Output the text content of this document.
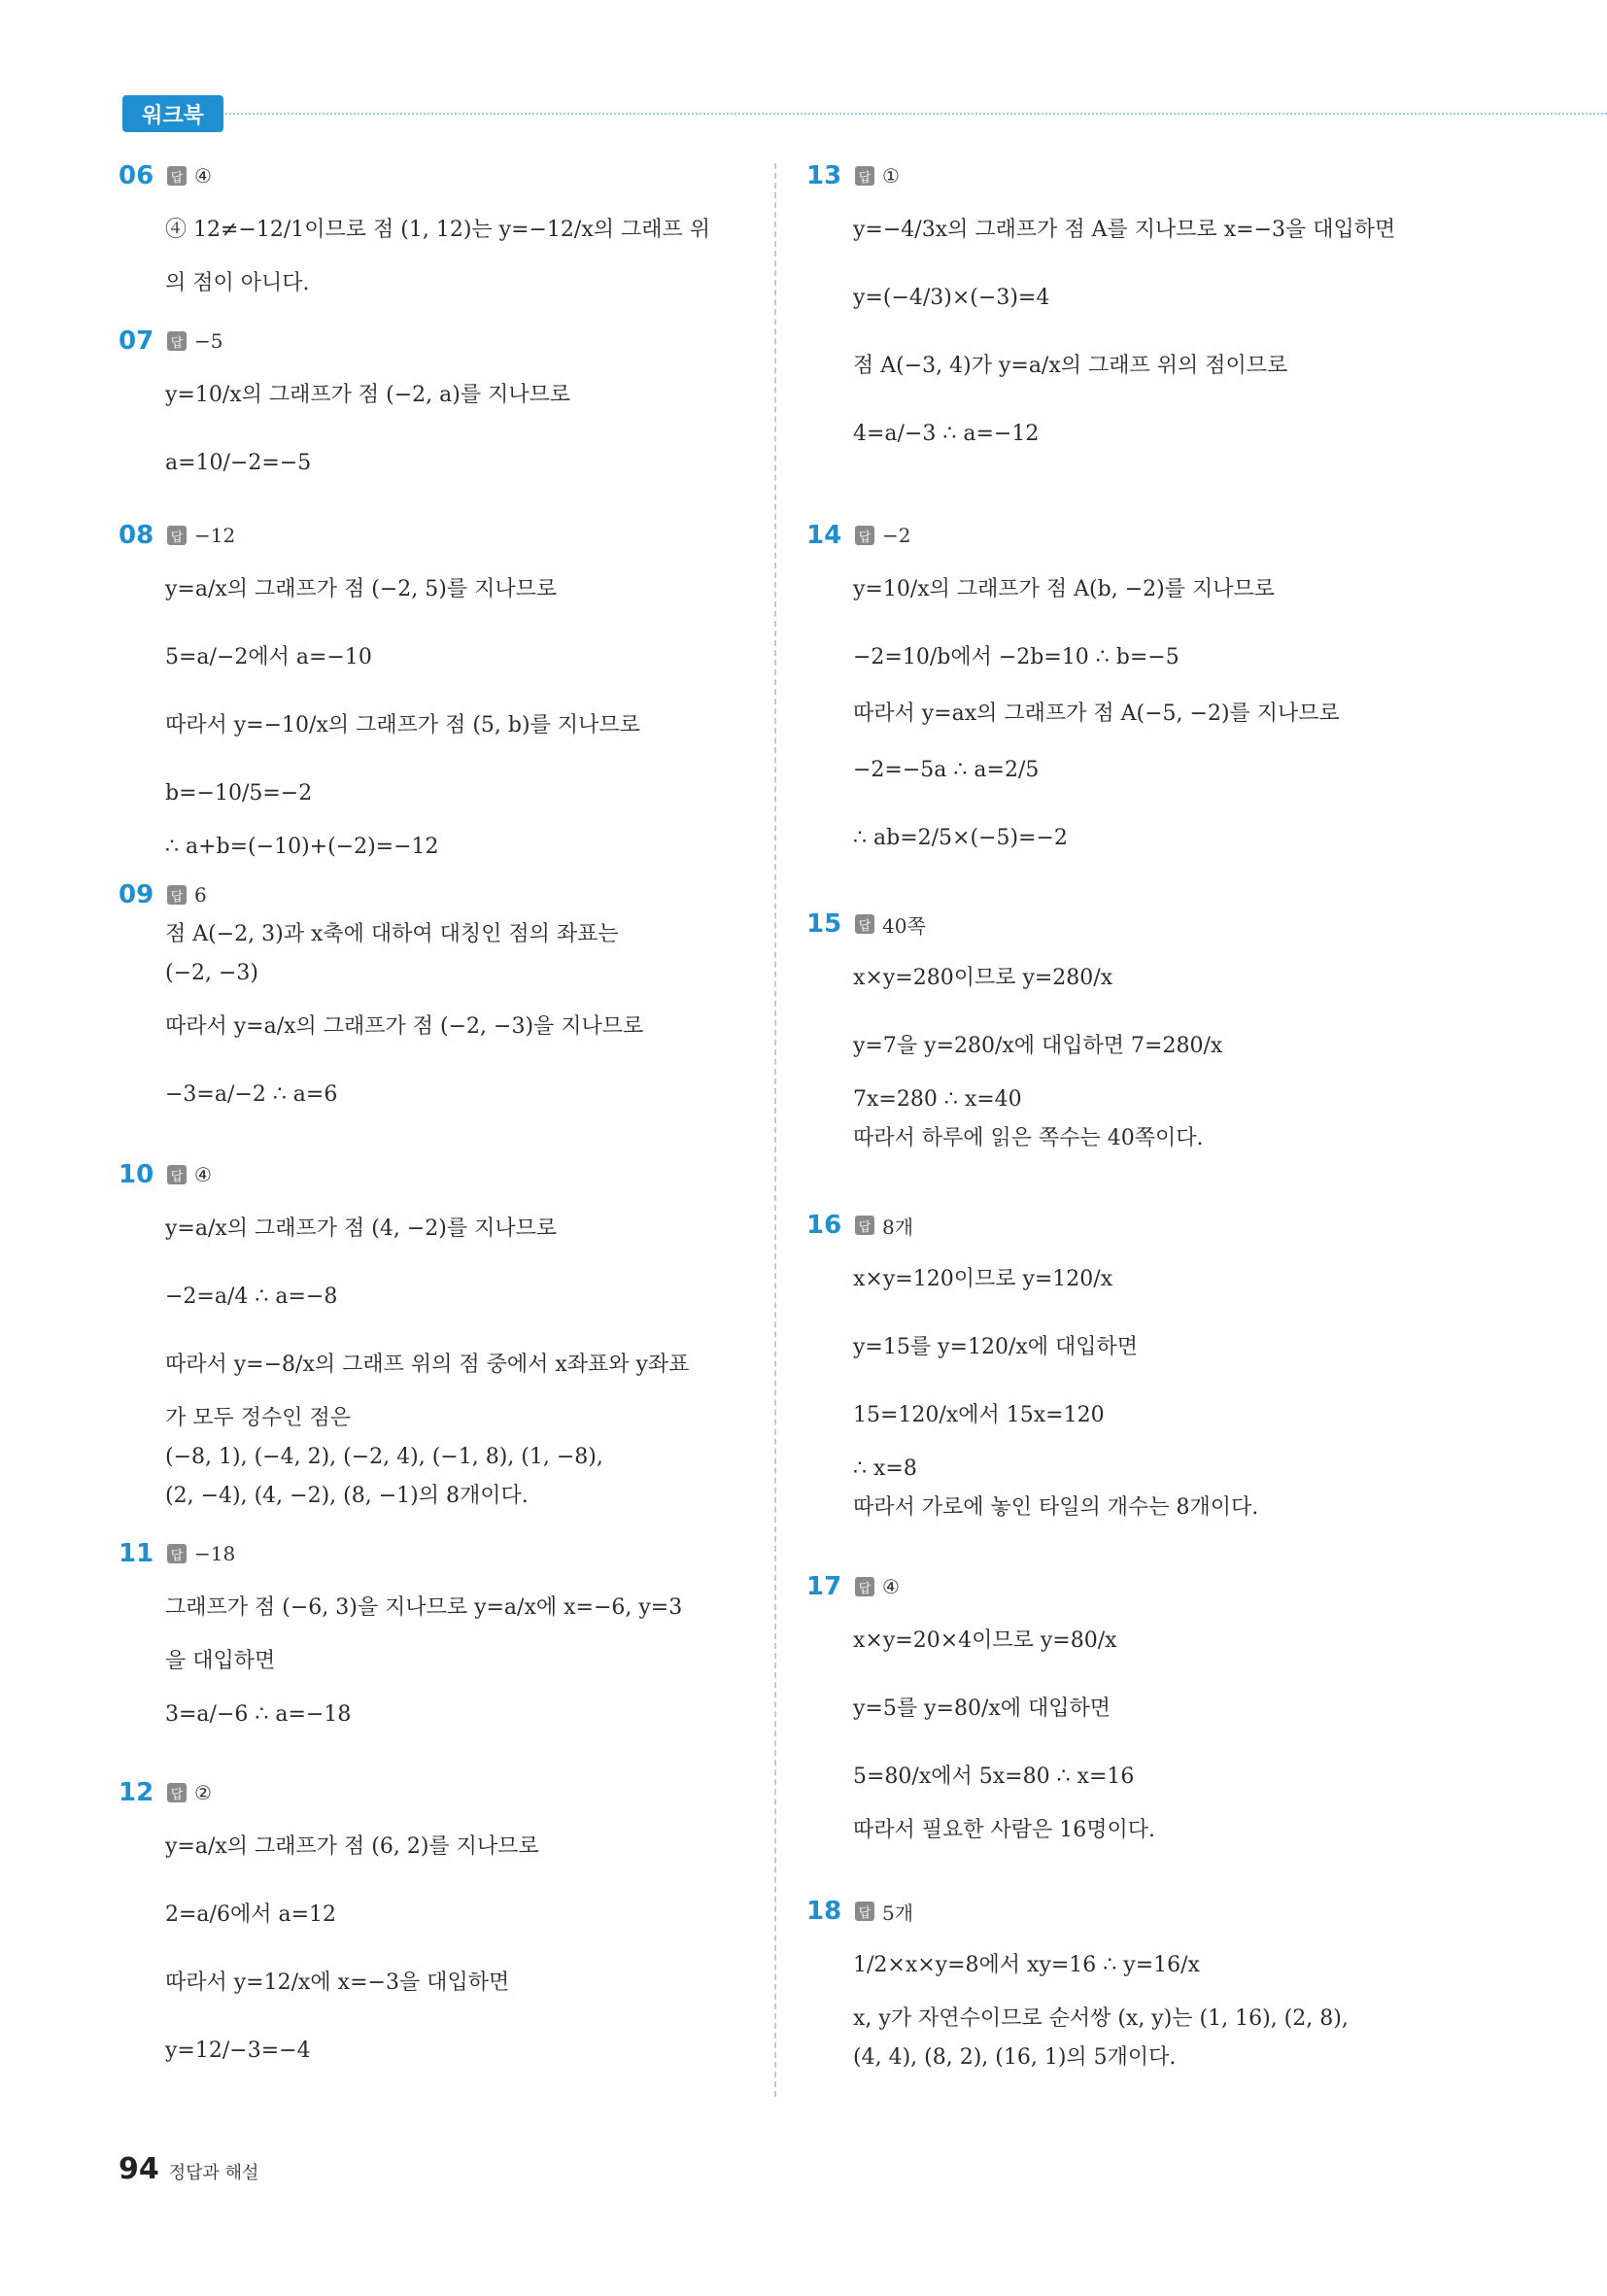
워크북
06	답 ④
④ 12≠−12/1이므로 점 (1, 12)는 y=−12/x의 그래프 위
의 점이 아니다.
07	답 −5
y=10/x의 그래프가 점 (−2, a)를 지나므로
a=10/−2=−5
08	답 −12
y=a/x의 그래프가 점 (−2, 5)를 지나므로
5=a/−2에서 a=−10
따라서 y=−10/x의 그래프가 점 (5, b)를 지나므로
b=−10/5=−2
∴ a+b=(−10)+(−2)=−12
09	답 6
점 A(−2, 3)과 x축에 대하여 대칭인 점의 좌표는
(−2, −3)
따라서 y=a/x의 그래프가 점 (−2, −3)을 지나므로
−3=a/−2 ∴ a=6
10	답 ④
y=a/x의 그래프가 점 (4, −2)를 지나므로
−2=a/4 ∴ a=−8
따라서 y=−8/x의 그래프 위의 점 중에서 x좌표와 y좌표
가 모두 정수인 점은
(−8, 1), (−4, 2), (−2, 4), (−1, 8), (1, −8),
(2, −4), (4, −2), (8, −1)의 8개이다.
11	답 −18
그래프가 점 (−6, 3)을 지나므로 y=a/x에 x=−6, y=3
을 대입하면
3=a/−6 ∴ a=−18
12	답 ②
y=a/x의 그래프가 점 (6, 2)를 지나므로
2=a/6에서 a=12
따라서 y=12/x에 x=−3을 대입하면
y=12/−3=−4
13	답 ①
y=−4/3x의 그래프가 점 A를 지나므로 x=−3을 대입하면
y=(−4/3)×(−3)=4
점 A(−3, 4)가 y=a/x의 그래프 위의 점이므로
4=a/−3 ∴ a=−12
14	답 −2
y=10/x의 그래프가 점 A(b, −2)를 지나므로
−2=10/b에서 −2b=10 ∴ b=−5
따라서 y=ax의 그래프가 점 A(−5, −2)를 지나므로
−2=−5a ∴ a=2/5
∴ ab=2/5×(−5)=−2
15	답 40쪽
x×y=280이므로 y=280/x
y=7을 y=280/x에 대입하면 7=280/x
7x=280 ∴ x=40
따라서 하루에 읽은 쪽수는 40쪽이다.
16	답 8개
x×y=120이므로 y=120/x
y=15를 y=120/x에 대입하면
15=120/x에서 15x=120
∴ x=8
따라서 가로에 놓인 타일의 개수는 8개이다.
17	답 ④
x×y=20×4이므로 y=80/x
y=5를 y=80/x에 대입하면
5=80/x에서 5x=80 ∴ x=16
따라서 필요한 사람은 16명이다.
18	답 5개
1/2×x×y=8에서 xy=16 ∴ y=16/x
x, y가 자연수이므로 순서쌍 (x, y)는 (1, 16), (2, 8),
(4, 4), (8, 2), (16, 1)의 5개이다.
94 정답과 해설
